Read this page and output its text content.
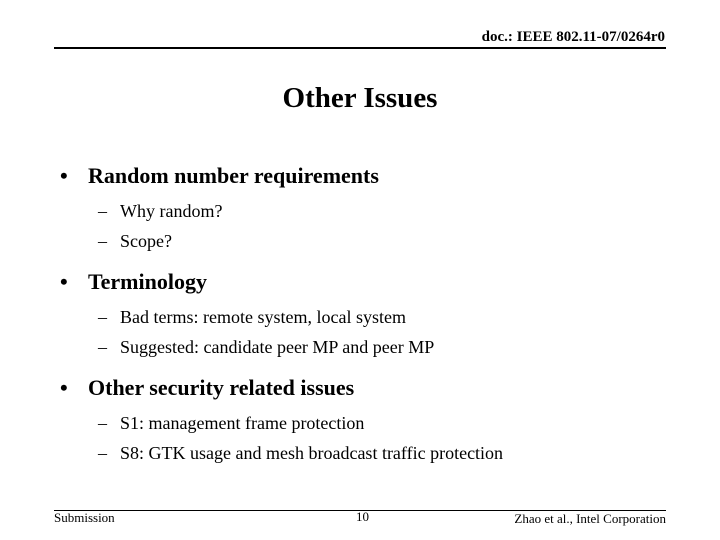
doc.: IEEE 802.11-07/0264r0
Other Issues
• Random number requirements
– Why random?
– Scope?
• Terminology
– Bad terms: remote system, local system
– Suggested: candidate peer MP and peer MP
• Other security related issues
– S1: management frame protection
– S8: GTK usage and mesh broadcast traffic protection
Submission	10	Zhao et al., Intel Corporation
